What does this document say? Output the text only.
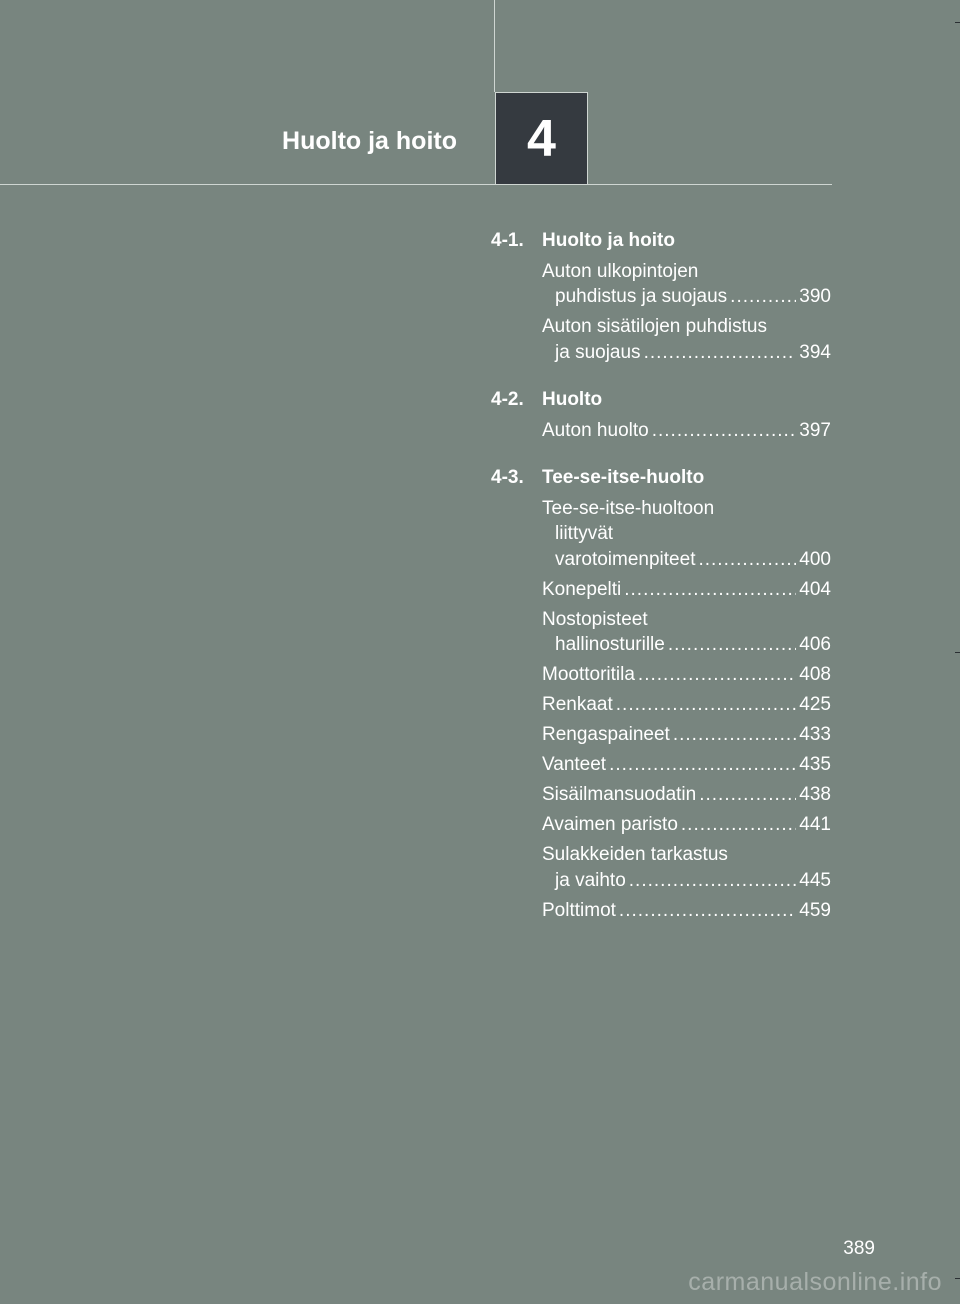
Huolto ja hoito 4
4-1. Huolto ja hoito
Auton ulkopintojen
puhdistus ja suojaus .....	390
Auton sisätilojen puhdistus
ja suojaus .....	394
4-2. Huolto
Auton huolto .....	397
4-3. Tee-se-itse-huolto
Tee-se-itse-huoltoon
liittyvät
varotoimenpiteet .....	400
Konepelti .....	404
Nostopisteet
hallinosturille .....	406
Moottoritila .....	408
Renkaat .....	425
Rengaspaineet .....	433
Vanteet .....	435
Sisäilmansuodatin .....	438
Avaimen paristo .....	441
Sulakkeiden tarkastus
ja vaihto .....	445
Polttimot .....	459
389
carmanualsonline.info
